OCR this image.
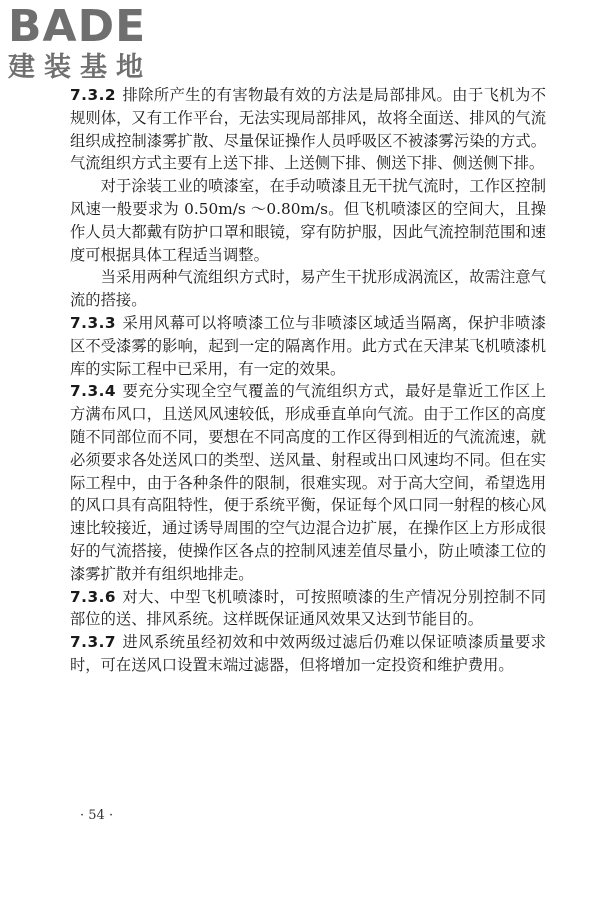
BADE
建装基地

7.3.2 排除所产生的有害物最有效的方法是局部排风。由于飞机为不规则体，又有工作平台，无法实现局部排风，故将全面送、排风的气流组织成控制漆雾扩散、尽量保证操作人员呼吸区不被漆雾污染的方式。气流组织方式主要有上送下排、上送侧下排、侧送下排、侧送侧下排。

对于涂装工业的喷漆室，在手动喷漆且无干扰气流时，工作区控制风速一般要求为 0.50m/s ～0.80m/s。但飞机喷漆区的空间大，且操作人员大都戴有防护口罩和眼镜，穿有防护服，因此气流控制范围和速度可根据具体工程适当调整。

当采用两种气流组织方式时，易产生干扰形成涡流区，故需注意气流的搭接。

7.3.3 采用风幕可以将喷漆工位与非喷漆区域适当隔离，保护非喷漆区不受漆雾的影响，起到一定的隔离作用。此方式在天津某飞机喷漆机库的实际工程中已采用，有一定的效果。

7.3.4 要充分实现全空气覆盖的气流组织方式，最好是靠近工作区上方满布风口，且送风风速较低，形成垂直单向气流。由于工作区的高度随不同部位而不同，要想在不同高度的工作区得到相近的气流流速，就必须要求各处送风口的类型、送风量、射程或出口风速均不同。但在实际工程中，由于各种条件的限制，很难实现。对于高大空间，希望选用的风口具有高阻特性，便于系统平衡，保证每个风口同一射程的核心风速比较接近，通过诱导周围的空气边混合边扩展，在操作区上方形成很好的气流搭接，使操作区各点的控制风速差值尽量小，防止喷漆工位的漆雾扩散并有组织地排走。

7.3.6 对大、中型飞机喷漆时，可按照喷漆的生产情况分别控制不同部位的送、排风系统。这样既保证通风效果又达到节能目的。

7.3.7 进风系统虽经初效和中效两级过滤后仍难以保证喷漆质量要求时，可在送风口设置末端过滤器，但将增加一定投资和维护费用。

· 54 ·
